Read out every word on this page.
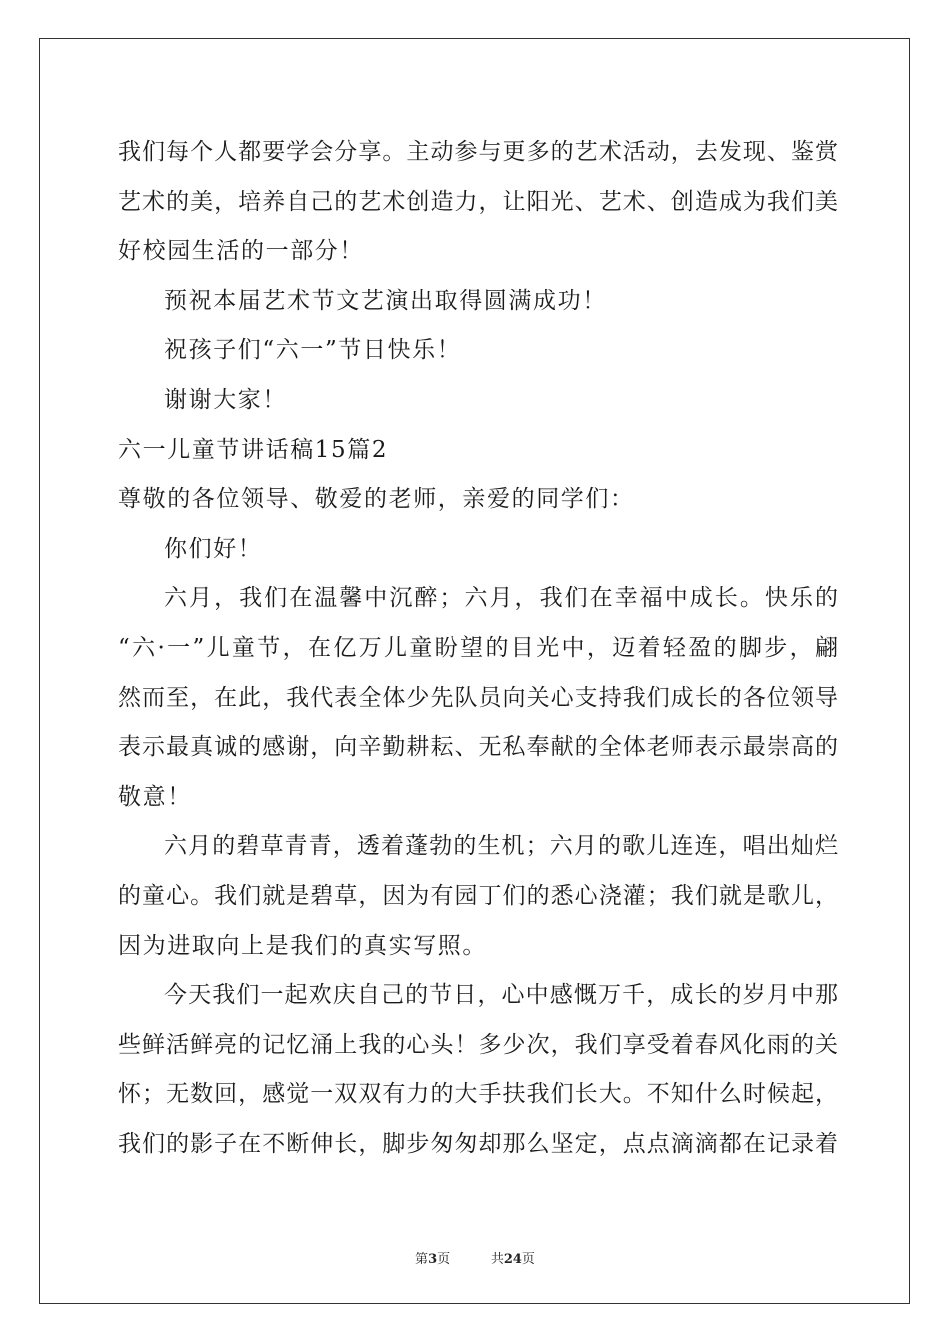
我们每个人都要学会分享。主动参与更多的艺术活动，去发现、鉴赏
艺术的美，培养自己的艺术创造力，让阳光、艺术、创造成为我们美
好校园生活的一部分！
预祝本届艺术节文艺演出取得圆满成功！
祝孩子们“六一”节日快乐！
谢谢大家！
六一儿童节讲话稿15篇2
尊敬的各位领导、敬爱的老师，亲爱的同学们：
你们好！
六月，我们在温馨中沉醉；六月，我们在幸福中成长。快乐的
“六·一”儿童节，在亿万儿童盼望的目光中，迈着轻盈的脚步，翩
然而至，在此，我代表全体少先队员向关心支持我们成长的各位领导
表示最真诚的感谢，向辛勤耕耘、无私奉献的全体老师表示最崇高的
敬意！
六月的碧草青青，透着蓬勃的生机；六月的歌儿连连，唱出灿烂
的童心。我们就是碧草，因为有园丁们的悉心浇灌；我们就是歌儿，
因为进取向上是我们的真实写照。
今天我们一起欢庆自己的节日，心中感慨万千，成长的岁月中那
些鲜活鲜亮的记忆涌上我的心头！多少次，我们享受着春风化雨的关
怀；无数回，感觉一双双有力的大手扶我们长大。不知什么时候起，
我们的影子在不断伸长，脚步匆匆却那么坚定，点点滴滴都在记录着
第3页	共24页
